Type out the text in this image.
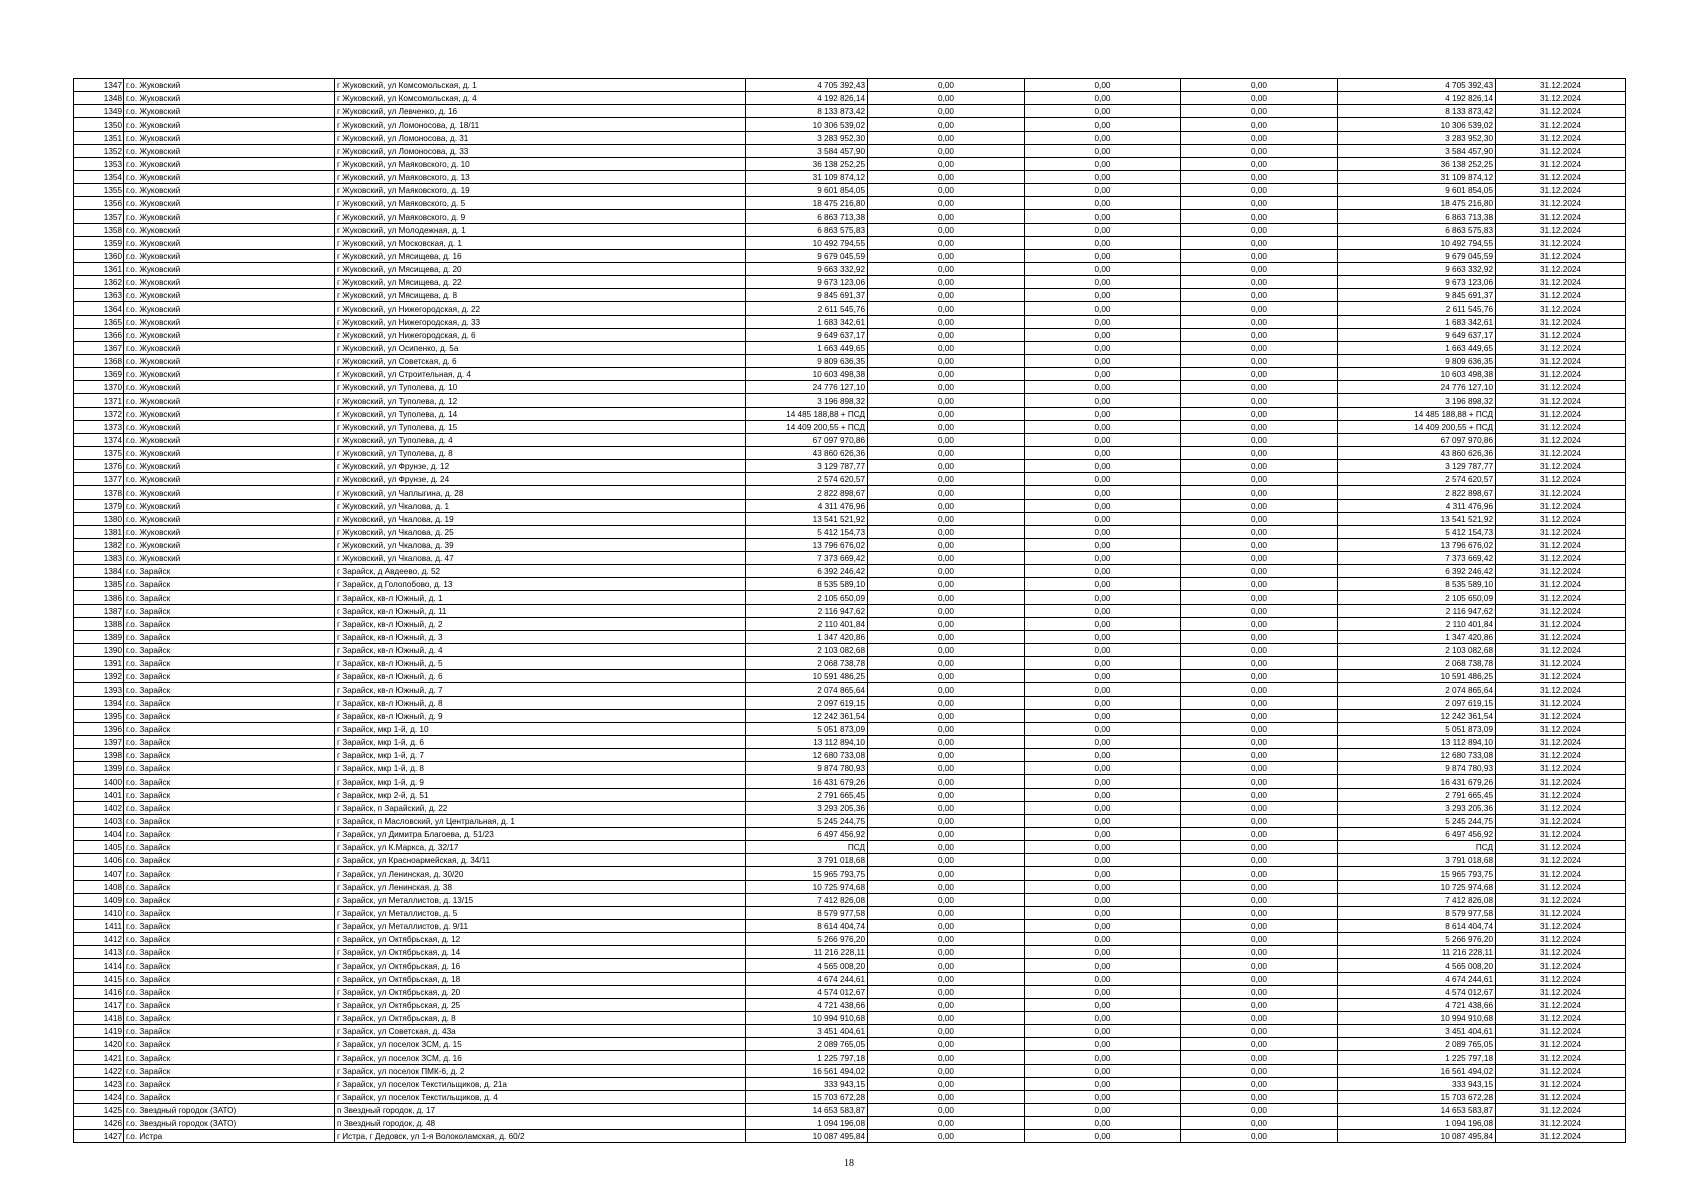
1347	г.о. Жуковский	г Жуковский, ул Комсомольская, д. 1	4 705 392,43	0,00	0,00	0,00	4 705 392,43	31.12.2024
1348	г.о. Жуковский	г Жуковский, ул Комсомольская, д. 4	4 192 826,14	0,00	0,00	0,00	4 192 826,14	31.12.2024
1349	г.о. Жуковский	г Жуковский, ул Левченко, д. 16	8 133 873,42	0,00	0,00	0,00	8 133 873,42	31.12.2024
1350	г.о. Жуковский	г Жуковский, ул Ломоносова, д. 18/11	10 306 539,02	0,00	0,00	0,00	10 306 539,02	31.12.2024
1351	г.о. Жуковский	г Жуковский, ул Ломоносова, д. 31	3 283 952,30	0,00	0,00	0,00	3 283 952,30	31.12.2024
1352	г.о. Жуковский	г Жуковский, ул Ломоносова, д. 33	3 584 457,90	0,00	0,00	0,00	3 584 457,90	31.12.2024
1353	г.о. Жуковский	г Жуковский, ул Маяковского, д. 10	36 138 252,25	0,00	0,00	0,00	36 138 252,25	31.12.2024
1354	г.о. Жуковский	г Жуковский, ул Маяковского, д. 13	31 109 874,12	0,00	0,00	0,00	31 109 874,12	31.12.2024
1355	г.о. Жуковский	г Жуковский, ул Маяковского, д. 19	9 601 854,05	0,00	0,00	0,00	9 601 854,05	31.12.2024
1356	г.о. Жуковский	г Жуковский, ул Маяковского, д. 5	18 475 216,80	0,00	0,00	0,00	18 475 216,80	31.12.2024
1357	г.о. Жуковский	г Жуковский, ул Маяковского, д. 9	6 863 713,38	0,00	0,00	0,00	6 863 713,38	31.12.2024
1358	г.о. Жуковский	г Жуковский, ул Молодежная, д. 1	6 863 575,83	0,00	0,00	0,00	6 863 575,83	31.12.2024
1359	г.о. Жуковский	г Жуковский, ул Московская, д. 1	10 492 794,55	0,00	0,00	0,00	10 492 794,55	31.12.2024
1360	г.о. Жуковский	г Жуковский, ул Мясищева, д. 16	9 679 045,59	0,00	0,00	0,00	9 679 045,59	31.12.2024
1361	г.о. Жуковский	г Жуковский, ул Мясищева, д. 20	9 663 332,92	0,00	0,00	0,00	9 663 332,92	31.12.2024
1362	г.о. Жуковский	г Жуковский, ул Мясищева, д. 22	9 673 123,06	0,00	0,00	0,00	9 673 123,06	31.12.2024
1363	г.о. Жуковский	г Жуковский, ул Мясищева, д. 8	9 845 691,37	0,00	0,00	0,00	9 845 691,37	31.12.2024
1364	г.о. Жуковский	г Жуковский, ул Нижегородская, д. 22	2 611 545,76	0,00	0,00	0,00	2 611 545,76	31.12.2024
1365	г.о. Жуковский	г Жуковский, ул Нижегородская, д. 33	1 683 342,61	0,00	0,00	0,00	1 683 342,61	31.12.2024
1366	г.о. Жуковский	г Жуковский, ул Нижегородская, д. 6	9 649 637,17	0,00	0,00	0,00	9 649 637,17	31.12.2024
1367	г.о. Жуковский	г Жуковский, ул Осипенко, д. 5а	1 663 449,65	0,00	0,00	0,00	1 663 449,65	31.12.2024
1368	г.о. Жуковский	г Жуковский, ул Советская, д. 6	9 809 636,35	0,00	0,00	0,00	9 809 636,35	31.12.2024
1369	г.о. Жуковский	г Жуковский, ул Строительная, д. 4	10 603 498,38	0,00	0,00	0,00	10 603 498,38	31.12.2024
1370	г.о. Жуковский	г Жуковский, ул Туполева, д. 10	24 776 127,10	0,00	0,00	0,00	24 776 127,10	31.12.2024
1371	г.о. Жуковский	г Жуковский, ул Туполева, д. 12	3 196 898,32	0,00	0,00	0,00	3 196 898,32	31.12.2024
1372	г.о. Жуковский	г Жуковский, ул Туполева, д. 14	14 485 188,88 + ПСД	0,00	0,00	0,00	14 485 188,88 + ПСД	31.12.2024
1373	г.о. Жуковский	г Жуковский, ул Туполева, д. 15	14 409 200,55 + ПСД	0,00	0,00	0,00	14 409 200,55 + ПСД	31.12.2024
1374	г.о. Жуковский	г Жуковский, ул Туполева, д. 4	67 097 970,86	0,00	0,00	0,00	67 097 970,86	31.12.2024
1375	г.о. Жуковский	г Жуковский, ул Туполева, д. 8	43 860 626,36	0,00	0,00	0,00	43 860 626,36	31.12.2024
1376	г.о. Жуковский	г Жуковский, ул Фрунзе, д. 12	3 129 787,77	0,00	0,00	0,00	3 129 787,77	31.12.2024
1377	г.о. Жуковский	г Жуковский, ул Фрунзе, д. 24	2 574 620,57	0,00	0,00	0,00	2 574 620,57	31.12.2024
1378	г.о. Жуковский	г Жуковский, ул Чаплыгина, д. 28	2 822 898,67	0,00	0,00	0,00	2 822 898,67	31.12.2024
1379	г.о. Жуковский	г Жуковский, ул Чкалова, д. 1	4 311 476,96	0,00	0,00	0,00	4 311 476,96	31.12.2024
1380	г.о. Жуковский	г Жуковский, ул Чкалова, д. 19	13 541 521,92	0,00	0,00	0,00	13 541 521,92	31.12.2024
1381	г.о. Жуковский	г Жуковский, ул Чкалова, д. 25	5 412 154,73	0,00	0,00	0,00	5 412 154,73	31.12.2024
1382	г.о. Жуковский	г Жуковский, ул Чкалова, д. 39	13 796 676,02	0,00	0,00	0,00	13 796 676,02	31.12.2024
1383	г.о. Жуковский	г Жуковский, ул Чкалова, д. 47	7 373 669,42	0,00	0,00	0,00	7 373 669,42	31.12.2024
1384	г.о. Зарайск	г Зарайск, д Авдеево, д. 52	6 392 246,42	0,00	0,00	0,00	6 392 246,42	31.12.2024
1385	г.о. Зарайск	г Зарайск, д Голопобово, д. 13	8 535 589,10	0,00	0,00	0,00	8 535 589,10	31.12.2024
1386	г.о. Зарайск	г Зарайск, кв-л Южный, д. 1	2 105 650,09	0,00	0,00	0,00	2 105 650,09	31.12.2024
1387	г.о. Зарайск	г Зарайск, кв-л Южный, д. 11	2 116 947,62	0,00	0,00	0,00	2 116 947,62	31.12.2024
1388	г.о. Зарайск	г Зарайск, кв-л Южный, д. 2	2 110 401,84	0,00	0,00	0,00	2 110 401,84	31.12.2024
1389	г.о. Зарайск	г Зарайск, кв-л Южный, д. 3	1 347 420,86	0,00	0,00	0,00	1 347 420,86	31.12.2024
1390	г.о. Зарайск	г Зарайск, кв-л Южный, д. 4	2 103 082,68	0,00	0,00	0,00	2 103 082,68	31.12.2024
1391	г.о. Зарайск	г Зарайск, кв-л Южный, д. 5	2 068 738,78	0,00	0,00	0,00	2 068 738,78	31.12.2024
1392	г.о. Зарайск	г Зарайск, кв-л Южный, д. 6	10 591 486,25	0,00	0,00	0,00	10 591 486,25	31.12.2024
1393	г.о. Зарайск	г Зарайск, кв-л Южный, д. 7	2 074 865,64	0,00	0,00	0,00	2 074 865,64	31.12.2024
1394	г.о. Зарайск	г Зарайск, кв-л Южный, д. 8	2 097 619,15	0,00	0,00	0,00	2 097 619,15	31.12.2024
1395	г.о. Зарайск	г Зарайск, кв-л Южный, д. 9	12 242 361,54	0,00	0,00	0,00	12 242 361,54	31.12.2024
1396	г.о. Зарайск	г Зарайск, мкр 1-й, д. 10	5 051 873,09	0,00	0,00	0,00	5 051 873,09	31.12.2024
1397	г.о. Зарайск	г Зарайск, мкр 1-й, д. 6	13 112 894,10	0,00	0,00	0,00	13 112 894,10	31.12.2024
1398	г.о. Зарайск	г Зарайск, мкр 1-й, д. 7	12 680 733,08	0,00	0,00	0,00	12 680 733,08	31.12.2024
1399	г.о. Зарайск	г Зарайск, мкр 1-й, д. 8	9 874 780,93	0,00	0,00	0,00	9 874 780,93	31.12.2024
1400	г.о. Зарайск	г Зарайск, мкр 1-й, д. 9	16 431 679,26	0,00	0,00	0,00	16 431 679,26	31.12.2024
1401	г.о. Зарайск	г Зарайск, мкр 2-й, д. 51	2 791 665,45	0,00	0,00	0,00	2 791 665,45	31.12.2024
1402	г.о. Зарайск	г Зарайск, п Зарайский, д. 22	3 293 205,36	0,00	0,00	0,00	3 293 205,36	31.12.2024
1403	г.о. Зарайск	г Зарайск, п Масловский, ул Центральная, д. 1	5 245 244,75	0,00	0,00	0,00	5 245 244,75	31.12.2024
1404	г.о. Зарайск	г Зарайск, ул Димитра Благоева, д. 51/23	6 497 456,92	0,00	0,00	0,00	6 497 456,92	31.12.2024
1405	г.о. Зарайск	г Зарайск, ул К.Маркса, д. 32/17	ПСД	0,00	0,00	0,00	ПСД	31.12.2024
1406	г.о. Зарайск	г Зарайск, ул Красноармейская, д. 34/11	3 791 018,68	0,00	0,00	0,00	3 791 018,68	31.12.2024
1407	г.о. Зарайск	г Зарайск, ул Ленинская, д. 30/20	15 965 793,75	0,00	0,00	0,00	15 965 793,75	31.12.2024
1408	г.о. Зарайск	г Зарайск, ул Ленинская, д. 38	10 725 974,68	0,00	0,00	0,00	10 725 974,68	31.12.2024
1409	г.о. Зарайск	г Зарайск, ул Металлистов, д. 13/15	7 412 826,08	0,00	0,00	0,00	7 412 826,08	31.12.2024
1410	г.о. Зарайск	г Зарайск, ул Металлистов, д. 5	8 579 977,58	0,00	0,00	0,00	8 579 977,58	31.12.2024
1411	г.о. Зарайск	г Зарайск, ул Металлистов, д. 9/11	8 614 404,74	0,00	0,00	0,00	8 614 404,74	31.12.2024
1412	г.о. Зарайск	г Зарайск, ул Октябрьская, д. 12	5 266 976,20	0,00	0,00	0,00	5 266 976,20	31.12.2024
1413	г.о. Зарайск	г Зарайск, ул Октябрьская, д. 14	11 216 228,11	0,00	0,00	0,00	11 216 228,11	31.12.2024
1414	г.о. Зарайск	г Зарайск, ул Октябрьская, д. 16	4 565 008,20	0,00	0,00	0,00	4 565 008,20	31.12.2024
1415	г.о. Зарайск	г Зарайск, ул Октябрьская, д. 18	4 674 244,61	0,00	0,00	0,00	4 674 244,61	31.12.2024
1416	г.о. Зарайск	г Зарайск, ул Октябрьская, д. 20	4 574 012,67	0,00	0,00	0,00	4 574 012,67	31.12.2024
1417	г.о. Зарайск	г Зарайск, ул Октябрьская, д. 25	4 721 438,66	0,00	0,00	0,00	4 721 438,66	31.12.2024
1418	г.о. Зарайск	г Зарайск, ул Октябрьская, д. 8	10 994 910,68	0,00	0,00	0,00	10 994 910,68	31.12.2024
1419	г.о. Зарайск	г Зарайск, ул Советская, д. 43а	3 451 404,61	0,00	0,00	0,00	3 451 404,61	31.12.2024
1420	г.о. Зарайск	г Зарайск, ул поселок ЗСМ, д. 15	2 089 765,05	0,00	0,00	0,00	2 089 765,05	31.12.2024
1421	г.о. Зарайск	г Зарайск, ул поселок ЗСМ, д. 16	1 225 797,18	0,00	0,00	0,00	1 225 797,18	31.12.2024
1422	г.о. Зарайск	г Зарайск, ул поселок ПМК-6, д. 2	16 561 494,02	0,00	0,00	0,00	16 561 494,02	31.12.2024
1423	г.о. Зарайск	г Зарайск, ул поселок Текстильщиков, д. 21а	333 943,15	0,00	0,00	0,00	333 943,15	31.12.2024
1424	г.о. Зарайск	г Зарайск, ул поселок Текстильщиков, д. 4	15 703 672,28	0,00	0,00	0,00	15 703 672,28	31.12.2024
1425	г.о. Звездный городок (ЗАТО)	п Звездный городок, д. 17	14 653 583,87	0,00	0,00	0,00	14 653 583,87	31.12.2024
1426	г.о. Звездный городок (ЗАТО)	п Звездный городок, д. 48	1 094 196,08	0,00	0,00	0,00	1 094 196,08	31.12.2024
1427	г.о. Истра	г Истра, г Дедовск, ул 1-я Волоколамская, д. 60/2	10 087 495,84	0,00	0,00	0,00	10 087 495,84	31.12.2024
18
